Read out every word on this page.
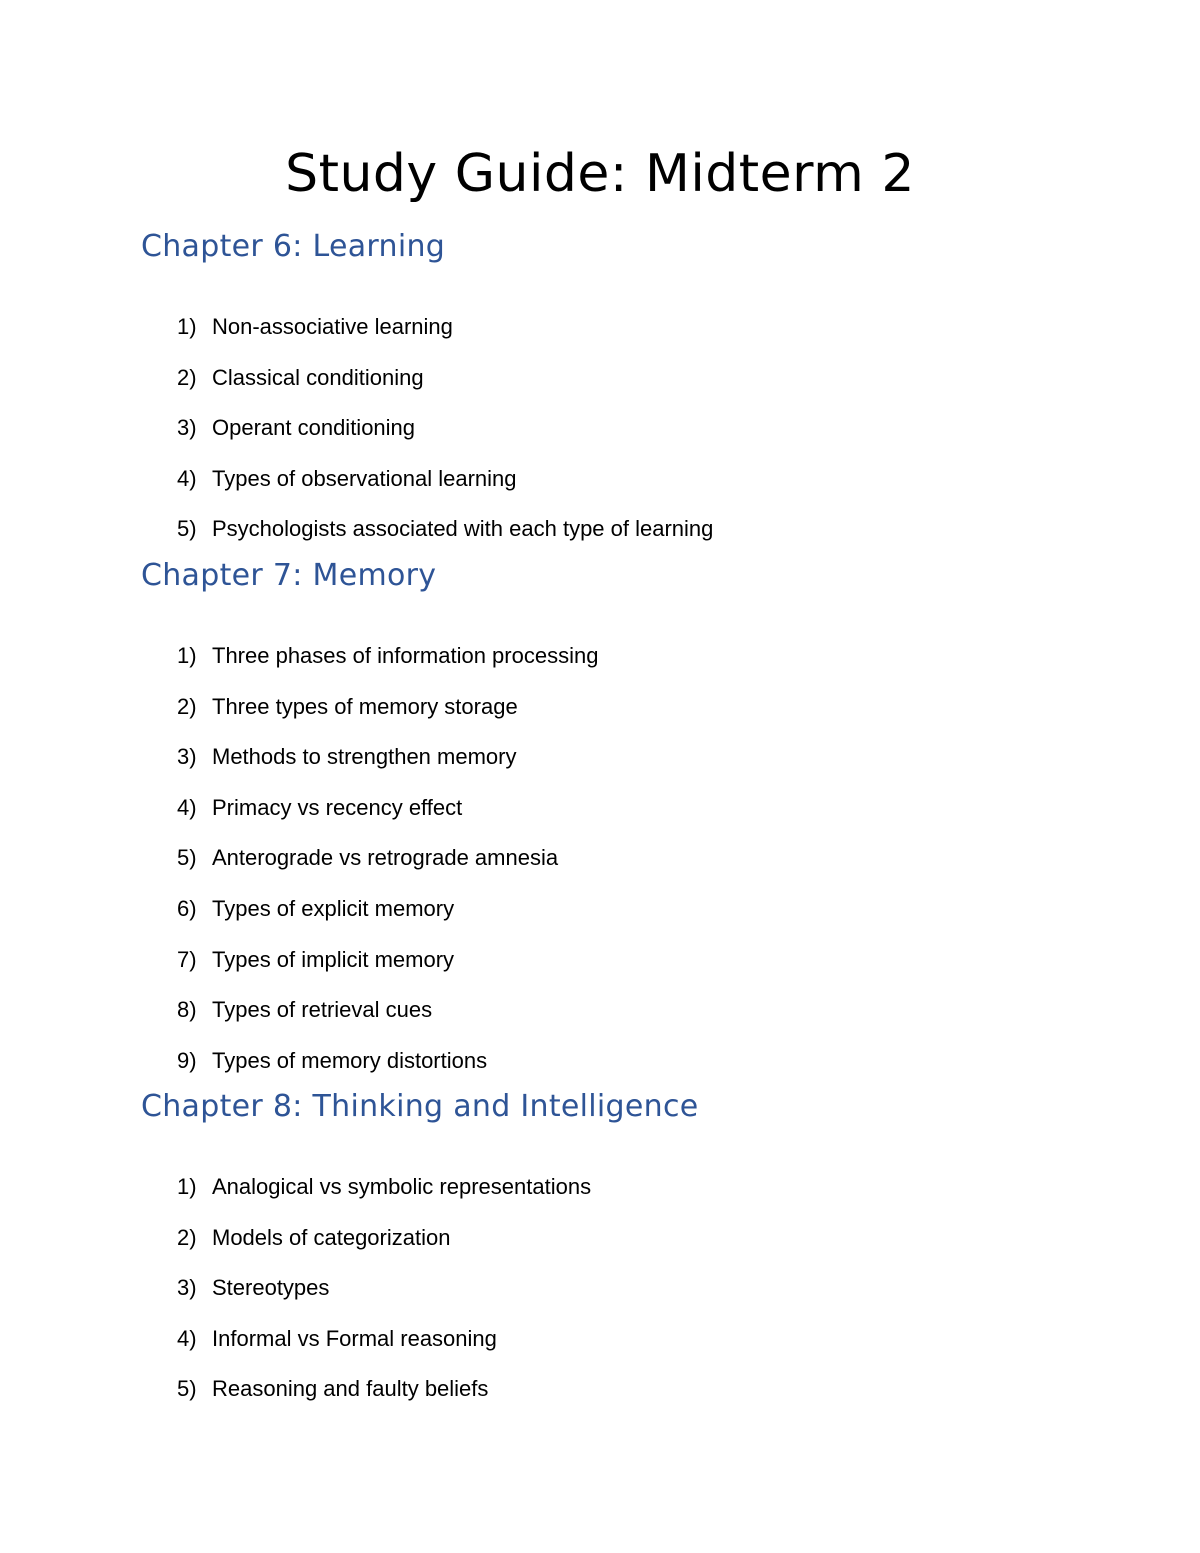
Study Guide: Midterm 2
Chapter 6: Learning
1) Non-associative learning
2) Classical conditioning
3) Operant conditioning
4) Types of observational learning
5) Psychologists associated with each type of learning
Chapter 7: Memory
1) Three phases of information processing
2) Three types of memory storage
3) Methods to strengthen memory
4) Primacy vs recency effect
5) Anterograde vs retrograde amnesia
6) Types of explicit memory
7) Types of implicit memory
8) Types of retrieval cues
9) Types of memory distortions
Chapter 8: Thinking and Intelligence
1) Analogical vs symbolic representations
2) Models of categorization
3) Stereotypes
4) Informal vs Formal reasoning
5) Reasoning and faulty beliefs
